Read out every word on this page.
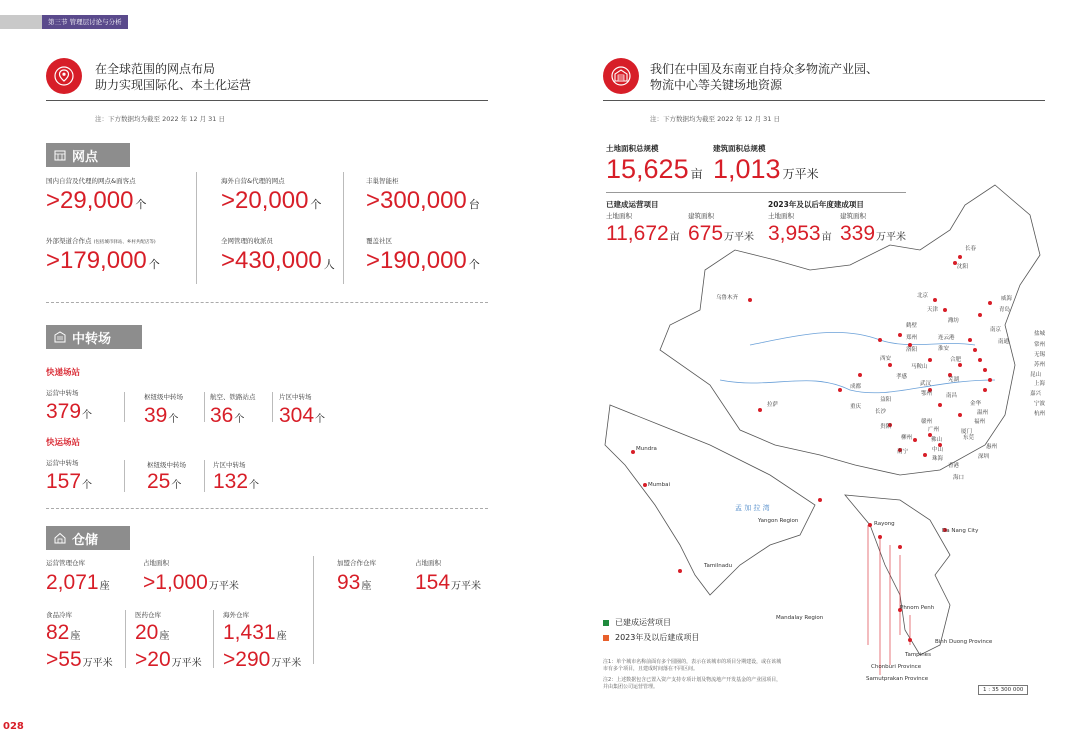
第三节 管理层讨论与分析
在全球范围的网点布局
助力实现国际化、本土化运营
注：下方数据均为截至 2022 年 12 月 31 日
网点
国内自营及代理的网点&面客点
>29,000 个
海外自营&代理的网点
>20,000 个
丰巢智能柜
>300,000 台
外部渠道合作点 (包括城市驿站、乡村共配店等)
>179,000 个
全网管理的收派员
>430,000 人
覆盖社区
>190,000 个
中转场
快递场站
运营中转场
379个
枢纽级中转场
39个
航空、铁路站点
36个
片区中转场
304个
快运场站
运营中转场
157个
枢纽级中转场
25个
片区中转场
132个
仓储
运营管理仓库
2,071座
占地面积
>1,000万平米
加盟合作仓库
93座
占地面积
154万平米
食品冷库
82座
>55万平米
医药仓库
20座
>20万平米
海外仓库
1,431座
>290万平米
028
我们在中国及东南亚自持众多物流产业园、
物流中心等关键场地资源
注：下方数据均为截至 2022 年 12 月 31 日
土地面积总规模
15,625 亩
建筑面积总规模
1,013 万平米
已建成运营项目
土地面积	建筑面积
11,672亩 675万平米
2023年及以后年度建成项目
土地面积	建筑面积
3,953亩 339万平米
孟 加 拉 湾
长春
沈阳
乌鲁木齐	北京
天津
威海
青岛
潍坊
鹤壁
郑州
洛阳
西安
连云港
淮安
南京
盐城
南通	常州
无锡
苏州
昆山
上海
嘉兴
宁波
杭州
合肥
马鞍山
芜湖
成都
孝感
武汉
南昌
鄂州
重庆
益阳
金华
温州
拉萨
长沙
赣州	福州
厦门
贵阳
柳州
广州
佛山	东莞
惠州
深圳
南宁	中山
珠海
香港
海口
Mundra
Mumbai
Yangon Region	Rayong
Da Nang City
Tamilnadu
Phnom Penh
Mandalay Region
Binh Duong Province
Tampines
Chonburi Province
Samutprakan Province
已建成运营项目
2023年及以后建成项目
注1：单个城市名称前面有多个圆圈的，表示在该城市的项目分期建设，或在该城市有多个项目，且建成时间落在不同区间。
注2：上述数据包含已置入资产支持专项计划及物流地产开发基金的产业园项目，并由集团公司运营管理。	1 : 35 300 000
